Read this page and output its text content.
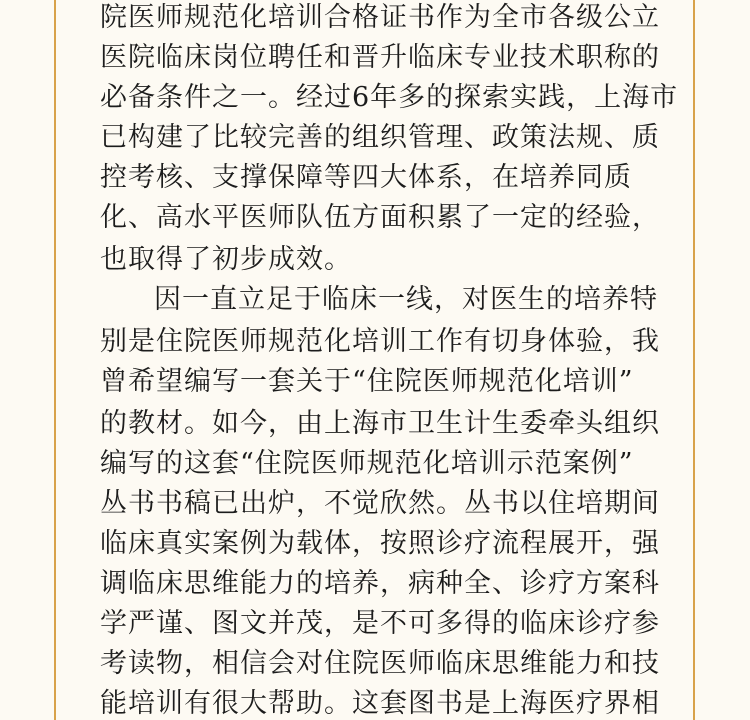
院医师规范化培训合格证书作为全市各级公立
医院临床岗位聘任和晋升临床专业技术职称的
必备条件之一。经过6年多的探索实践，上海市
已构建了比较完善的组织管理、政策法规、质
控考核、支撑保障等四大体系，在培养同质
化、高水平医师队伍方面积累了一定的经验，
也取得了初步成效。
因一直立足于临床一线，对医生的培养特
别是住院医师规范化培训工作有切身体验，我
曾希望编写一套关于“住院医师规范化培训”
的教材。如今，由上海市卫生计生委牵头组织
编写的这套“住院医师规范化培训示范案例”
丛书书稿已出炉，不觉欣然。丛书以住培期间
临床真实案例为载体，按照诊疗流程展开，强
调临床思维能力的培养，病种全、诊疗方案科
学严谨、图文并茂，是不可多得的临床诊疗参
考读物，相信会对住院医师临床思维能力和技
能培训有很大帮助。这套图书是上海医疗界相
